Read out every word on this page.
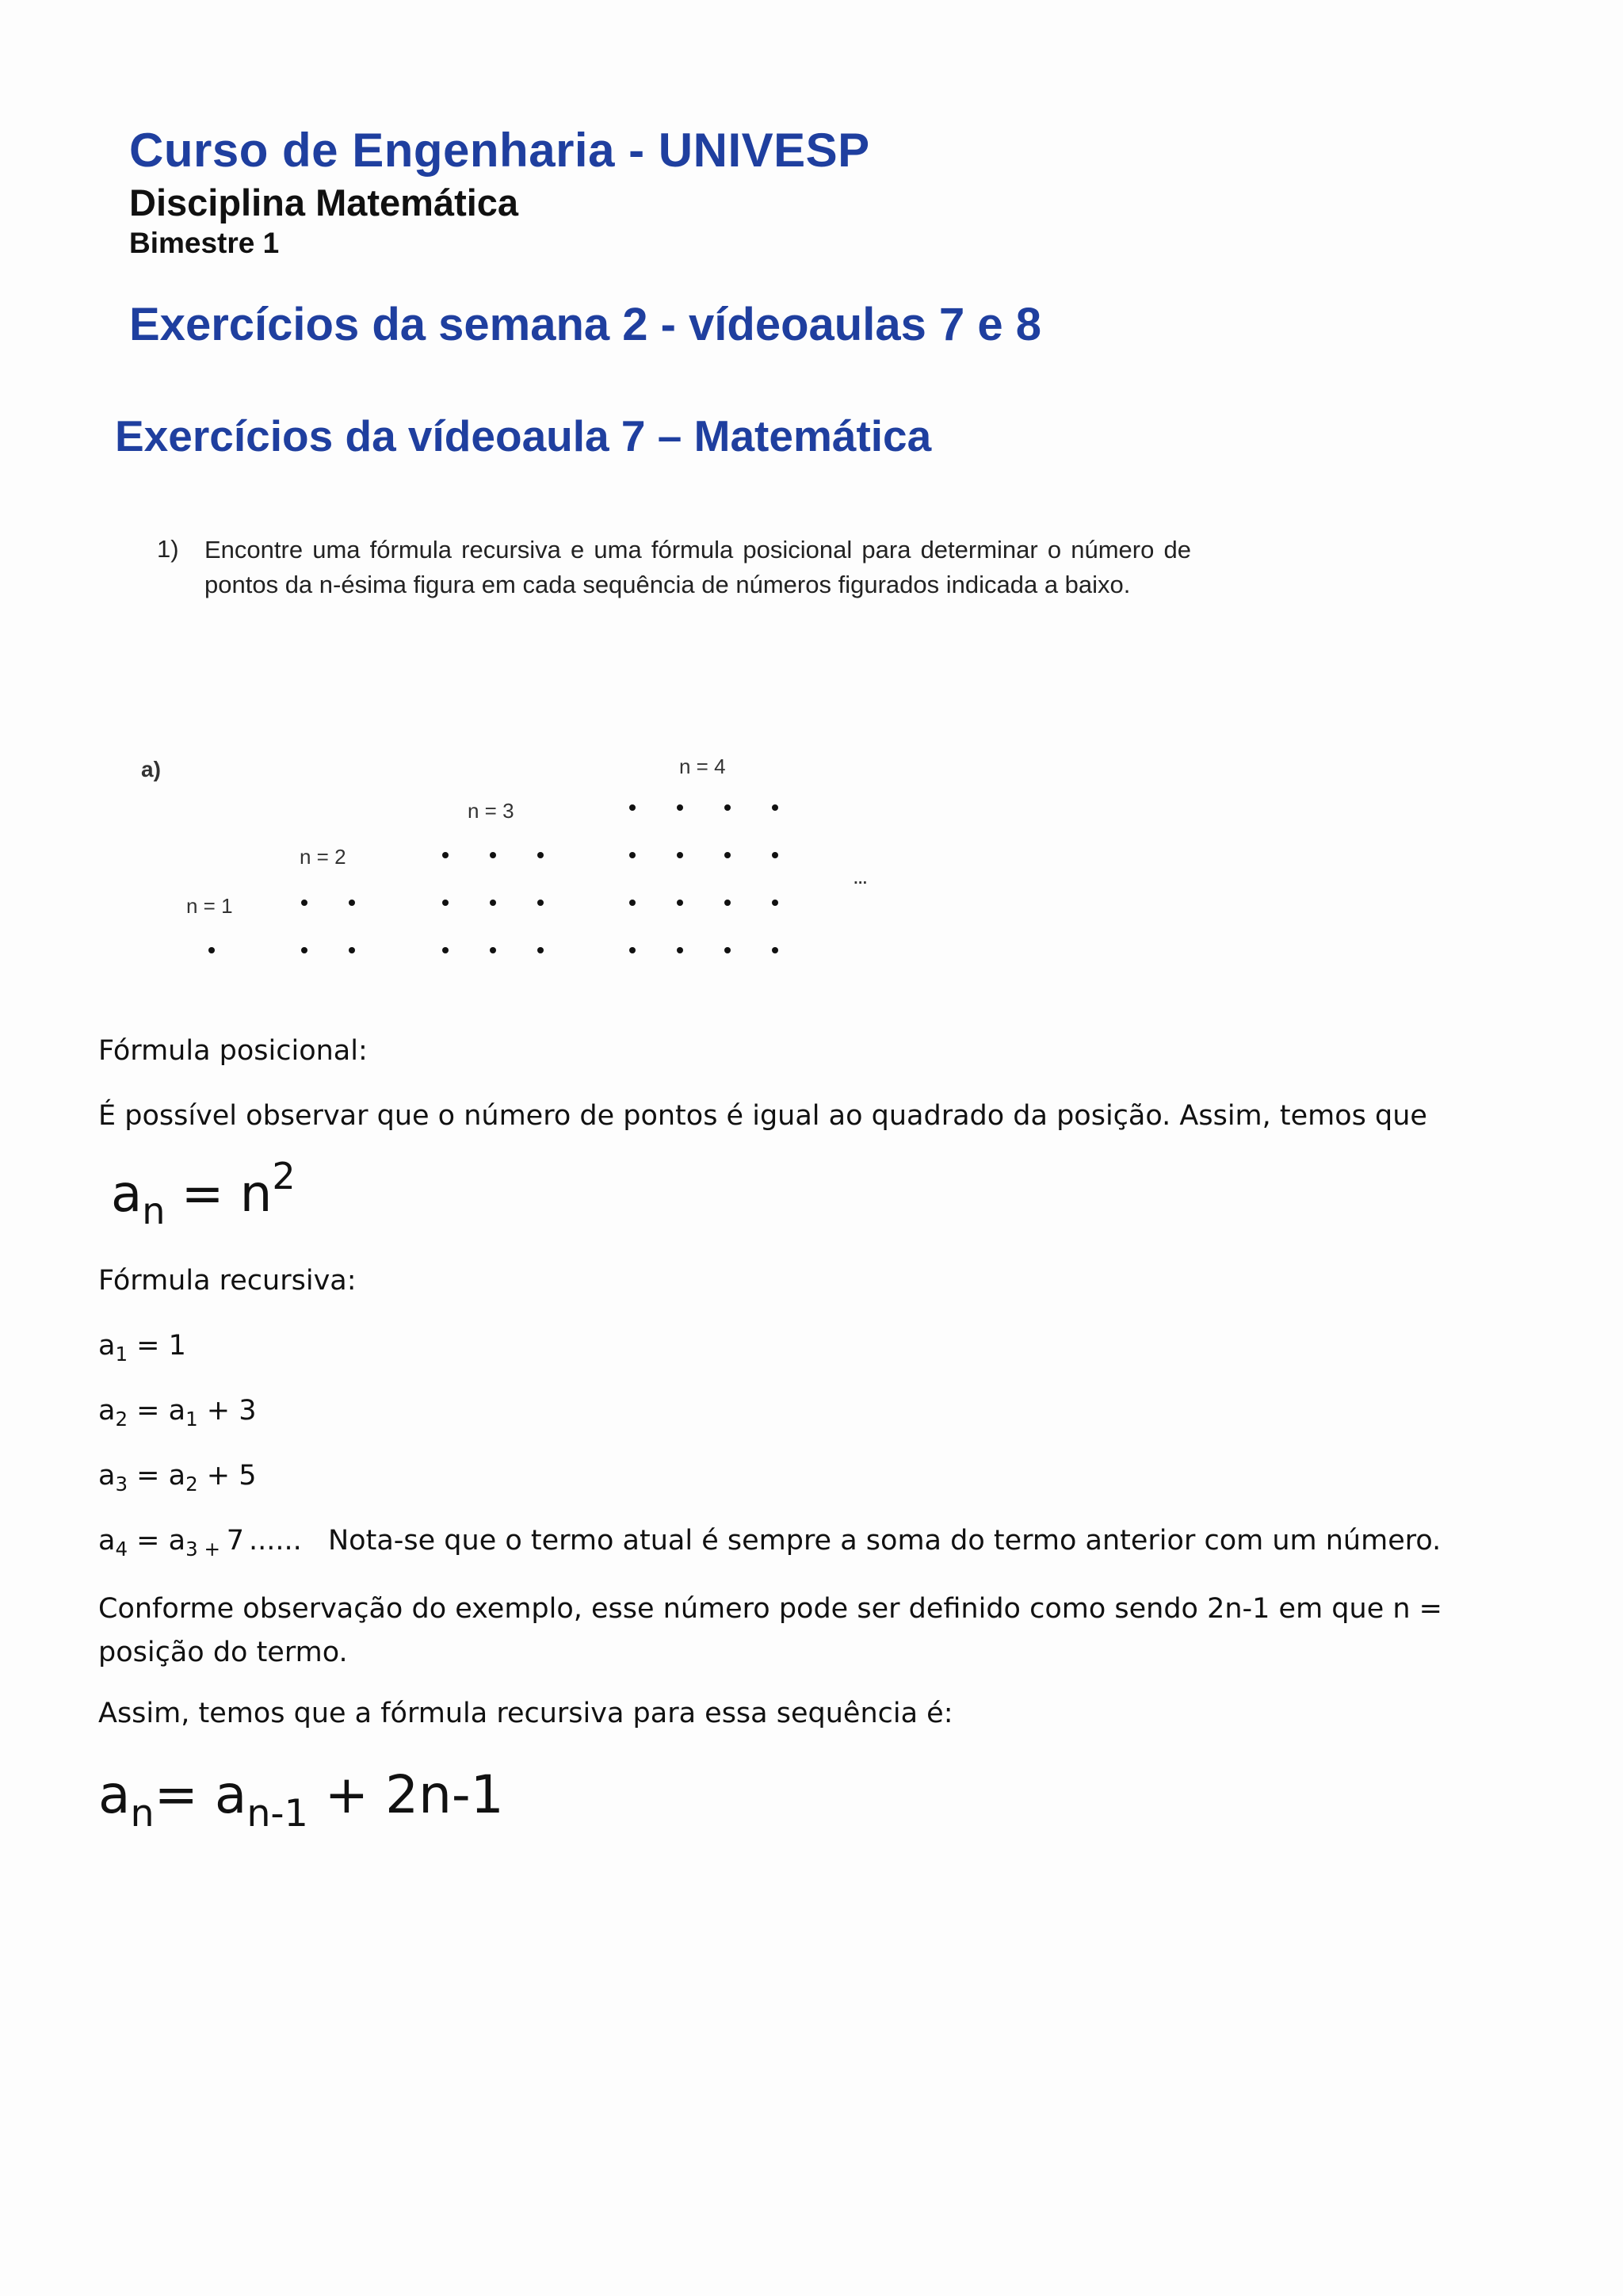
Curso de Engenharia - UNIVESP
Disciplina Matemática
Bimestre 1
Exercícios da semana 2 - vídeoaulas 7 e 8
Exercícios da vídeoaula 7 – Matemática
1) Encontre uma fórmula recursiva e uma fórmula posicional para determinar o número de pontos da n-ésima figura em cada sequência de números figurados indicada a baixo.
a)
n = 1
n = 2
n = 3
n = 4
...
Fórmula posicional:
É possível observar que o número de pontos é igual ao quadrado da posição. Assim, temos que
$a_n = n^2$
Fórmula recursiva:
$a_1 = 1$
$a_2 = a_1 + 3$
$a_3 = a_2 + 5$
$a_4 = a_{3 +}$ 7 ...... Nota-se que o termo atual é sempre a soma do termo anterior com um número.
Conforme observação do exemplo, esse número pode ser definido como sendo 2n-1 em que n = posição do termo.
Assim, temos que a fórmula recursiva para essa sequência é:
$a_n= a_{n-1} + 2n-1$
